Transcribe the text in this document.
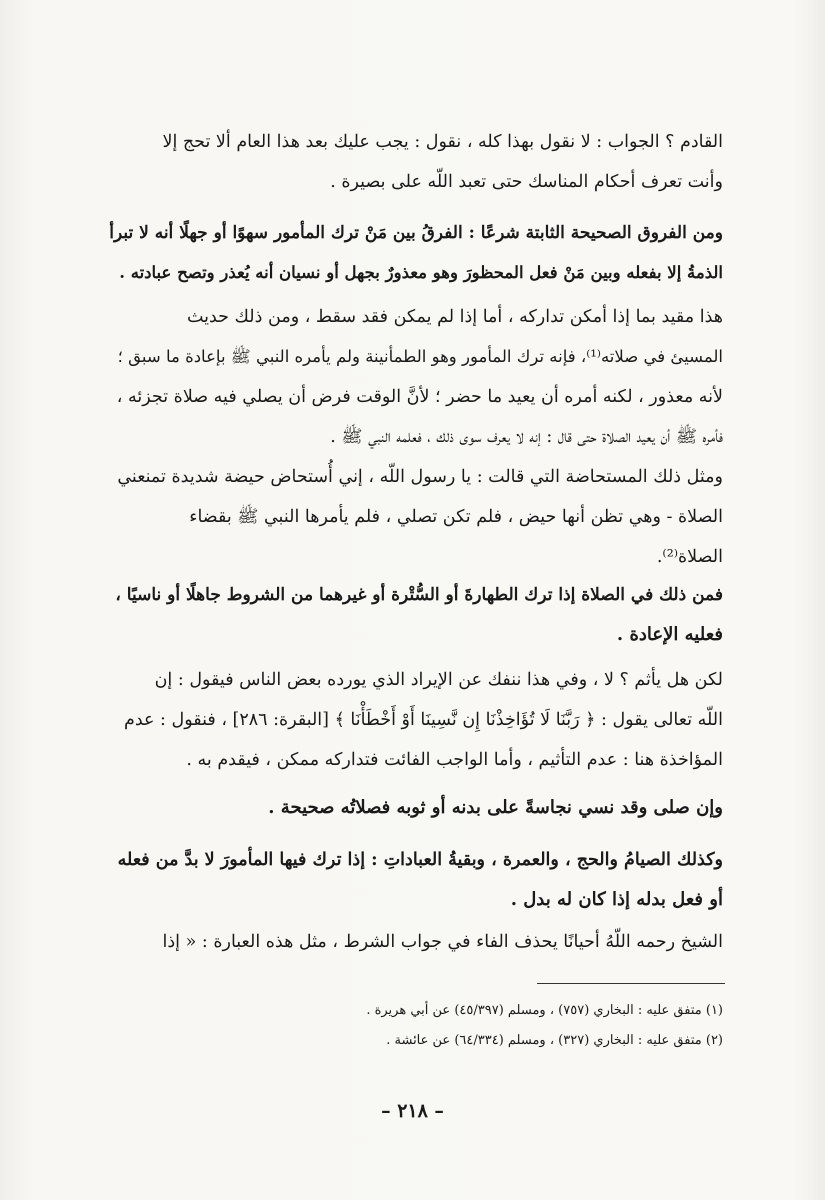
القادم ؟ الجواب : لا نقول بهذا كله ، نقول : يجب عليك بعد هذا العام ألا تحج إلا
وأنت تعرف أحكام المناسك حتى تعبد اللّه على بصيرة .
ومن الفروق الصحيحة الثابتة شرعًا : الفرقُ بين مَنْ ترك المأمور سهوًا أو جهلًا أنه لا تبرأ
الذمةُ إلا بفعله وبين مَنْ فعل المحظورَ وهو معذورٌ بجهل أو نسيان أنه يُعذر وتصح عبادته .
هذا مقيد بما إذا أمكن تداركه ، أما إذا لم يمكن فقد سقط ، ومن ذلك حديث
المسيئ في صلاته⁽¹⁾، فإنه ترك المأمور وهو الطمأنينة ولم يأمره النبي ﷺ بإعادة ما سبق ؛
لأنه معذور ، لكنه أمره أن يعيد ما حضر ؛ لأنَّ الوقت فرض أن يصلي فيه صلاة تجزئه ،
فأمره ﷺ أن يعيد الصلاة حتى قال : إنه لا يعرف سوى ذلك ، فعلمه النبي ﷺ .
ومثل ذلك المستحاضة التي قالت : يا رسول اللّه ، إني أُستحاض حيضة شديدة تمنعني
الصلاة - وهي تظن أنها حيض ، فلم تكن تصلي ، فلم يأمرها النبي ﷺ بقضاء
الصلاة⁽²⁾.
فمن ذلك في الصلاة إذا ترك الطهارةَ أو السُّتْرة أو غيرهما من الشروط جاهلًا أو ناسيًا ،
فعليه الإعادة .
لكن هل يأثم ؟ لا ، وفي هذا ننفك عن الإيراد الذي يورده بعض الناس فيقول : إن
اللّه تعالى يقول : ﴿ رَبَّنَا لَا تُؤَاخِذْنَا إِن نَّسِينَا أَوْ أَخْطَأْنَا ﴾ [البقرة: ٢٨٦] ، فنقول : عدم
المؤاخذة هنا : عدم التأثيم ، وأما الواجب الفائت فتداركه ممكن ، فيقدم به .
وإن صلى وقد نسي نجاسةً على بدنه أو ثوبه فصلاتُه صحيحة .
وكذلك الصيامُ والحج ، والعمرة ، وبقيةُ العباداتِ : إذا ترك فيها المأمورَ لا بدَّ من فعله
أو فعل بدله إذا كان له بدل .
الشيخ رحمه اللّهُ أحيانًا يحذف الفاء في جواب الشرط ، مثل هذه العبارة : « إذا
(١) متفق عليه : البخاري (٧٥٧) ، ومسلم (٤٥/٣٩٧) عن أبي هريرة .
(٢) متفق عليه : البخاري (٣٢٧) ، ومسلم (٦٤/٣٣٤) عن عائشة .
– ٢١٨ –
